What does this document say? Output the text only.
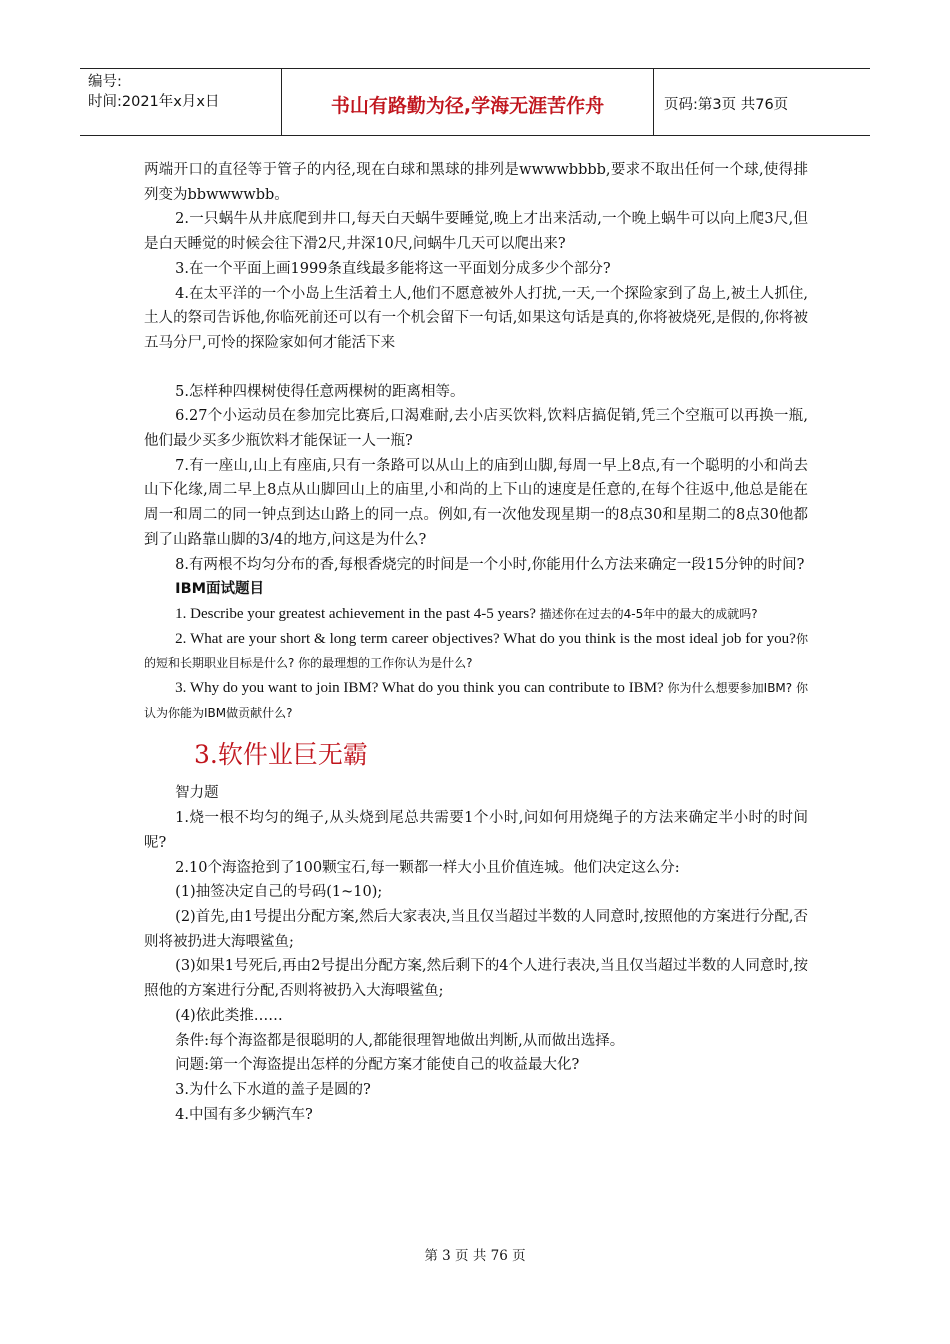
编号:
时间:2021年x月x日	书山有路勤为径,学海无涯苦作舟	页码:第3页 共76页

两端开口的直径等于管子的内径,现在白球和黑球的排列是wwwwbbbb,要求不取出任何一个球,使得排列变为bbwwwwbb。

2.一只蜗牛从井底爬到井口,每天白天蜗牛要睡觉,晚上才出来活动,一个晚上蜗牛可以向上爬3尺,但是白天睡觉的时候会往下滑2尺,井深10尺,问蜗牛几天可以爬出来?

3.在一个平面上画1999条直线最多能将这一平面划分成多少个部分?

4.在太平洋的一个小岛上生活着土人,他们不愿意被外人打扰,一天,一个探险家到了岛上,被土人抓住,土人的祭司告诉他,你临死前还可以有一个机会留下一句话,如果这句话是真的,你将被烧死,是假的,你将被五马分尸,可怜的探险家如何才能活下来

5.怎样种四棵树使得任意两棵树的距离相等。

6.27个小运动员在参加完比赛后,口渴难耐,去小店买饮料,饮料店搞促销,凭三个空瓶可以再换一瓶,他们最少买多少瓶饮料才能保证一人一瓶?

7.有一座山,山上有座庙,只有一条路可以从山上的庙到山脚,每周一早上8点,有一个聪明的小和尚去山下化缘,周二早上8点从山脚回山上的庙里,小和尚的上下山的速度是任意的,在每个往返中,他总是能在周一和周二的同一钟点到达山路上的同一点。例如,有一次他发现星期一的8点30和星期二的8点30他都到了山路靠山脚的3/4的地方,问这是为什么?

8.有两根不均匀分布的香,每根香烧完的时间是一个小时,你能用什么方法来确定一段15分钟的时间?

IBM面试题目

1. Describe your greatest achievement in the past 4-5 years? 描述你在过去的4-5年中的最大的成就吗?

2. What are your short & long term career objectives? What do you think is the most ideal job for you?你的短和长期职业目标是什么? 你的最理想的工作你认为是什么?

3. Why do you want to join IBM? What do you think you can contribute to IBM? 你为什么想要参加IBM? 你认为你能为IBM做贡献什么?

3.软件业巨无霸

智力题

1.烧一根不均匀的绳子,从头烧到尾总共需要1个小时,问如何用烧绳子的方法来确定半小时的时间呢?

2.10个海盗抢到了100颗宝石,每一颗都一样大小且价值连城。他们决定这么分:

(1)抽签决定自己的号码(1~10);

(2)首先,由1号提出分配方案,然后大家表决,当且仅当超过半数的人同意时,按照他的方案进行分配,否则将被扔进大海喂鲨鱼;

(3)如果1号死后,再由2号提出分配方案,然后剩下的4个人进行表决,当且仅当超过半数的人同意时,按照他的方案进行分配,否则将被扔入大海喂鲨鱼;

(4)依此类推……

条件:每个海盗都是很聪明的人,都能很理智地做出判断,从而做出选择。

问题:第一个海盗提出怎样的分配方案才能使自己的收益最大化?

3.为什么下水道的盖子是圆的?

4.中国有多少辆汽车?

第 3 页 共 76 页
